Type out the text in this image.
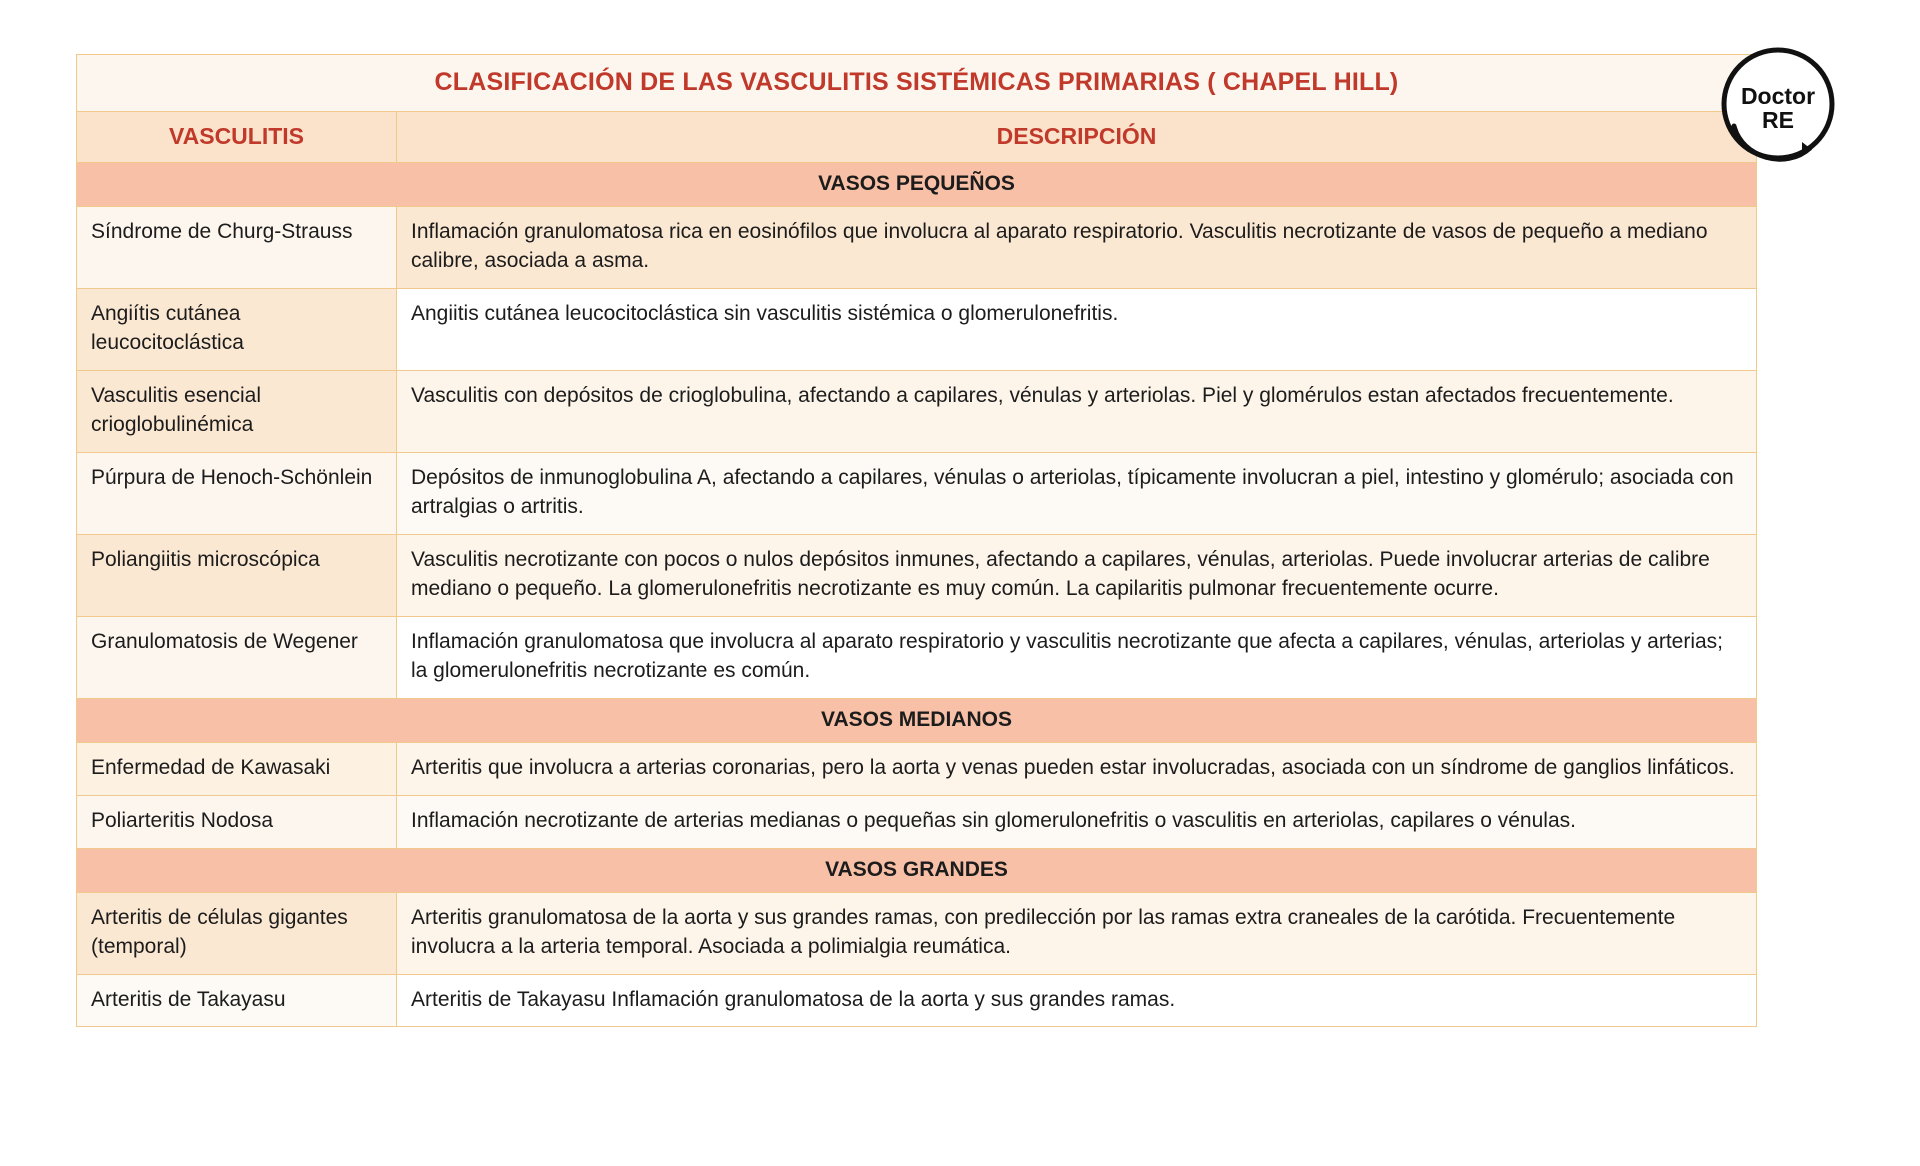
CLASIFICACIÓN DE LAS VASCULITIS SISTÉMICAS PRIMARIAS ( CHAPEL HILL)	
VASCULITIS	DESCRIPCIÓN
VASOS PEQUEÑOS	
Síndrome de Churg-Strauss	Inflamación granulomatosa rica en eosinófilos que involucra al aparato respiratorio. Vasculitis necrotizante de vasos de pequeño a mediano calibre, asociada a asma.
Angiítis cutánea leucocitoclástica	Angiitis cutánea leucocitoclástica sin vasculitis sistémica o glomerulonefritis.
Vasculitis esencial crioglobulinémica	Vasculitis con depósitos de crioglobulina, afectando a capilares, vénulas y arteriolas. Piel y glomérulos estan afectados frecuentemente.
Púrpura de Henoch-Schönlein	Depósitos de inmunoglobulina A, afectando a capilares, vénulas o arteriolas, típicamente involucran a piel, intestino y glomérulo; asociada con artralgias o artritis.
Poliangiitis microscópica	Vasculitis necrotizante con pocos o nulos depósitos inmunes, afectando a capilares, vénulas, arteriolas. Puede involucrar arterias de calibre mediano o pequeño. La glomerulonefritis necrotizante es muy común. La capilaritis pulmonar frecuentemente ocurre.
Granulomatosis de Wegener	Inflamación granulomatosa que involucra al aparato respiratorio y vasculitis necrotizante que afecta a capilares, vénulas, arteriolas y arterias; la glomerulonefritis necrotizante es común.
VASOS MEDIANOS	
Enfermedad de Kawasaki	Arteritis que involucra a arterias coronarias, pero la aorta y venas pueden estar involucradas, asociada con un síndrome de ganglios linfáticos.
Poliarteritis Nodosa	Inflamación necrotizante de arterias medianas o pequeñas sin glomerulonefritis o vasculitis en arteriolas, capilares o vénulas.
VASOS GRANDES	
Arteritis de células gigantes (temporal)	Arteritis granulomatosa de la aorta y sus grandes ramas, con predilección por las ramas extra craneales de la carótida. Frecuentemente involucra a la arteria temporal. Asociada a polimialgia reumática.
Arteritis de Takayasu	Arteritis de Takayasu Inflamación granulomatosa de la aorta y sus grandes ramas.
Doctor
RE
